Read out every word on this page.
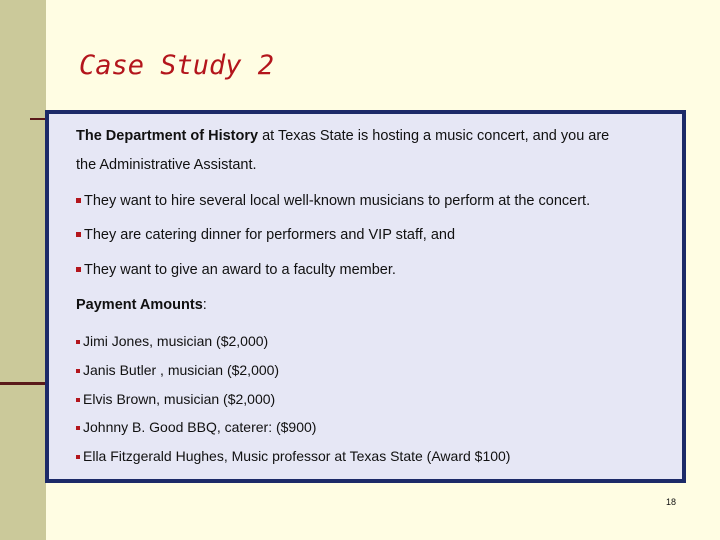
Case Study 2

The Department of History at Texas State is hosting a music concert, and you are

the Administrative Assistant.

They want to hire several local well-known musicians to perform at the concert.

They are catering dinner for performers and VIP staff, and

They want to give an award to a faculty member.

Payment Amounts:

Jimi Jones, musician ($2,000)

Janis Butler , musician ($2,000)

Elvis Brown, musician ($2,000)

Johnny B. Good BBQ, caterer: ($900)

Ella Fitzgerald Hughes, Music professor at Texas State (Award $100)

18
